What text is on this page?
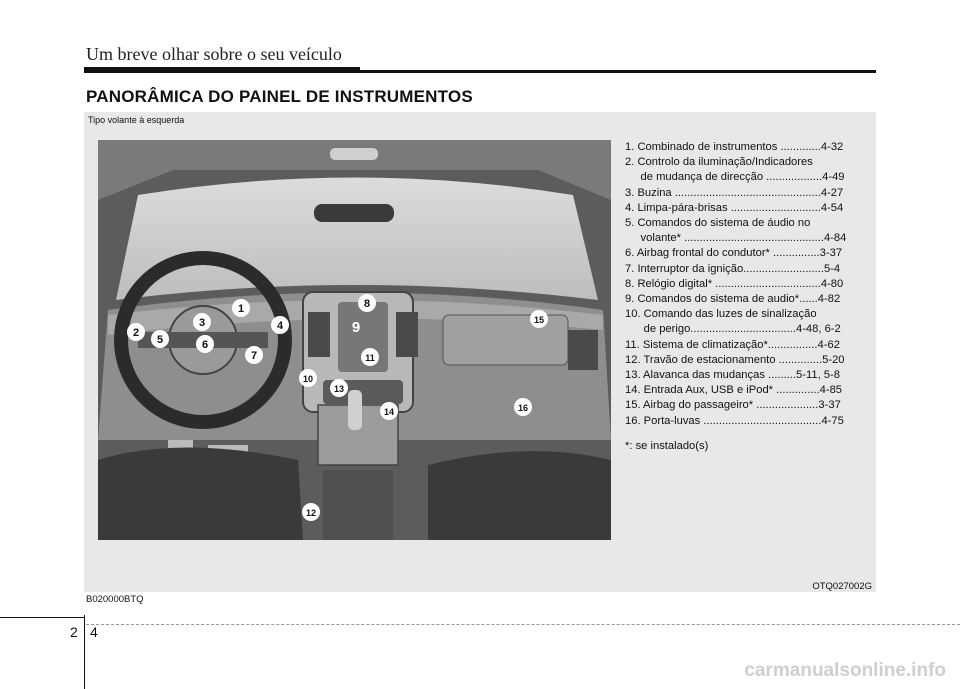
Um breve olhar sobre o seu veículo
PANORÂMICA DO PAINEL DE INSTRUMENTOS
Tipo volante à esquerda
1
2
3	4
5	6
7
8
9
10
11
12
13
14
15
16
1. Combinado de instrumentos .............4-32
2. Controlo da iluminação/Indicadores
de mudança de direcção ..................4-49
3. Buzina ...............................................4-27
4. Limpa-pára-brisas .............................4-54
5. Comandos do sistema de áudio no
volante* .............................................4-84
6. Airbag frontal do condutor* ...............3-37
7. Interruptor da ignição..........................5-4
8. Relógio digital* ..................................4-80
9. Comandos do sistema de audio*......4-82
10. Comando das luzes de sinalização
de perigo..................................4-48, 6-2
11. Sistema de climatização*................4-62
12. Travão de estacionamento ..............5-20
13. Alavanca das mudanças .........5-11, 5-8
14. Entrada Aux, USB e iPod* ..............4-85
15. Airbag do passageiro* ....................3-37
16. Porta-luvas ......................................4-75
*: se instalado(s)
OTQ027002G
B020000BTQ
2 4
carmanualsonline.info
